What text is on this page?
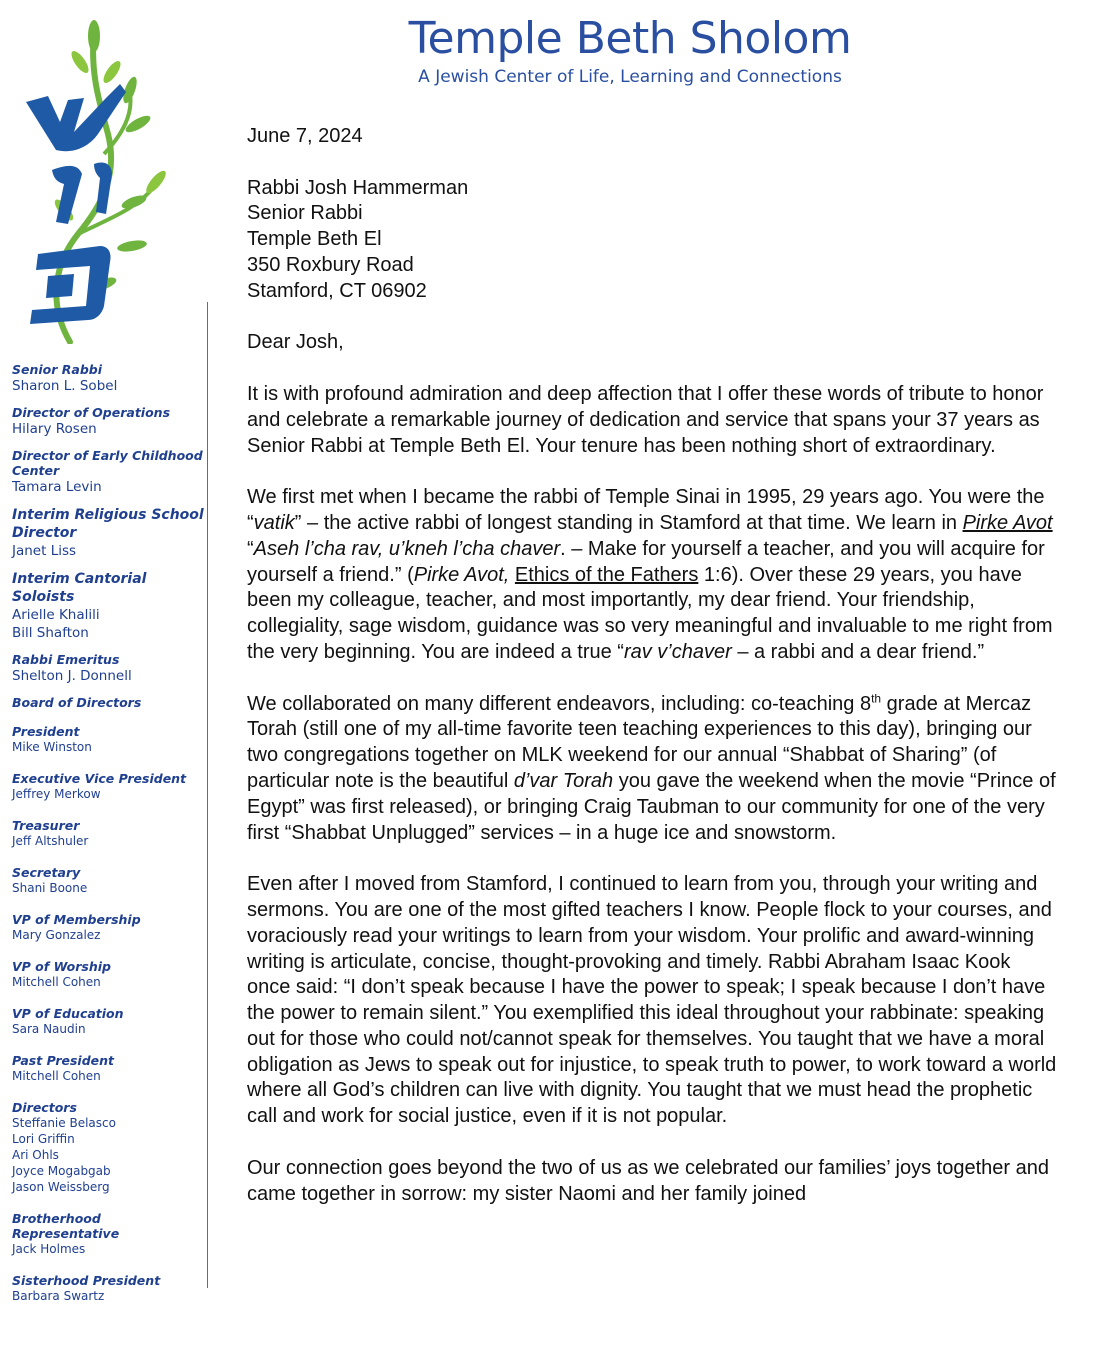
Temple Beth Sholom
A Jewish Center of Life, Learning and Connections
Senior Rabbi
Sharon L. Sobel
Director of Operations
Hilary Rosen
Director of Early Childhood Center
Tamara Levin
Interim Religious School Director
Janet Liss
Interim Cantorial Soloists
Arielle Khalili
Bill Shafton
Rabbi Emeritus
Shelton J. Donnell
Board of Directors
President
Mike Winston
Executive Vice President
Jeffrey Merkow
Treasurer
Jeff Altshuler
Secretary
Shani Boone
VP of Membership
Mary Gonzalez
VP of Worship
Mitchell Cohen
VP of Education
Sara Naudin
Past President
Mitchell Cohen
Directors
Steffanie Belasco
Lori Griffin
Ari Ohls
Joyce Mogabgab
Jason Weissberg
Brotherhood Representative
Jack Holmes
Sisterhood President
Barbara Swartz

June 7, 2024

Rabbi Josh Hammerman
Senior Rabbi
Temple Beth El
350 Roxbury Road
Stamford, CT 06902

Dear Josh,

It is with profound admiration and deep affection that I offer these words of tribute to honor and celebrate a remarkable journey of dedication and service that spans your 37 years as Senior Rabbi at Temple Beth El. Your tenure has been nothing short of extraordinary.

We first met when I became the rabbi of Temple Sinai in 1995, 29 years ago. You were the “vatik” – the active rabbi of longest standing in Stamford at that time. We learn in Pirke Avot “Aseh l’cha rav, u’kneh l’cha chaver. – Make for yourself a teacher, and you will acquire for yourself a friend.” (Pirke Avot, Ethics of the Fathers 1:6). Over these 29 years, you have been my colleague, teacher, and most importantly, my dear friend. Your friendship, collegiality, sage wisdom, guidance was so very meaningful and invaluable to me right from the very beginning. You are indeed a true “rav v’chaver – a rabbi and a dear friend.”

We collaborated on many different endeavors, including: co-teaching 8th grade at Mercaz Torah (still one of my all-time favorite teen teaching experiences to this day), bringing our two congregations together on MLK weekend for our annual “Shabbat of Sharing” (of particular note is the beautiful d’var Torah you gave the weekend when the movie “Prince of Egypt” was first released), or bringing Craig Taubman to our community for one of the very first “Shabbat Unplugged” services – in a huge ice and snowstorm.

Even after I moved from Stamford, I continued to learn from you, through your writing and sermons. You are one of the most gifted teachers I know. People flock to your courses, and voraciously read your writings to learn from your wisdom. Your prolific and award-winning writing is articulate, concise, thought-provoking and timely. Rabbi Abraham Isaac Kook once said: “I don’t speak because I have the power to speak; I speak because I don’t have the power to remain silent.” You exemplified this ideal throughout your rabbinate: speaking out for those who could not/cannot speak for themselves. You taught that we have a moral obligation as Jews to speak out for injustice, to speak truth to power, to work toward a world where all God’s children can live with dignity. You taught that we must head the prophetic call and work for social justice, even if it is not popular.

Our connection goes beyond the two of us as we celebrated our families’ joys together and came together in sorrow: my sister Naomi and her family joined
